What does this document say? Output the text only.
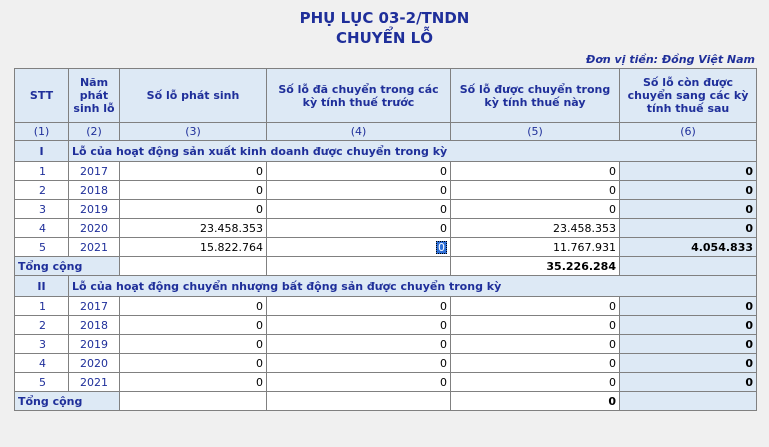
PHỤ LỤC 03-2/TNDN
CHUYỂN LỖ
Đơn vị tiền: Đồng Việt Nam
STT	Năm phát sinh lỗ	Số lỗ phát sinh	Số lỗ đã chuyển trong các kỳ tính thuế trước	Số lỗ được chuyển trong kỳ tính thuế này	Số lỗ còn được chuyển sang các kỳ tính thuế sau
(1)	(2)	(3)	(4)	(5)	(6)
I	Lỗ của hoạt động sản xuất kinh doanh được chuyển trong kỳ				
1	2017	0	0	0	0
2	2018	0	0	0	0
3	2019	0	0	0	0
4	2020	23.458.353	0	23.458.353	0
5	2021	15.822.764	0	11.767.931	4.054.833
Tổng cộng				35.226.284	
II	Lỗ của hoạt động chuyển nhượng bất động sản được chuyển trong kỳ				
1	2017	0	0	0	0
2	2018	0	0	0	0
3	2019	0	0	0	0
4	2020	0	0	0	0
5	2021	0	0	0	0
Tổng cộng				0	
